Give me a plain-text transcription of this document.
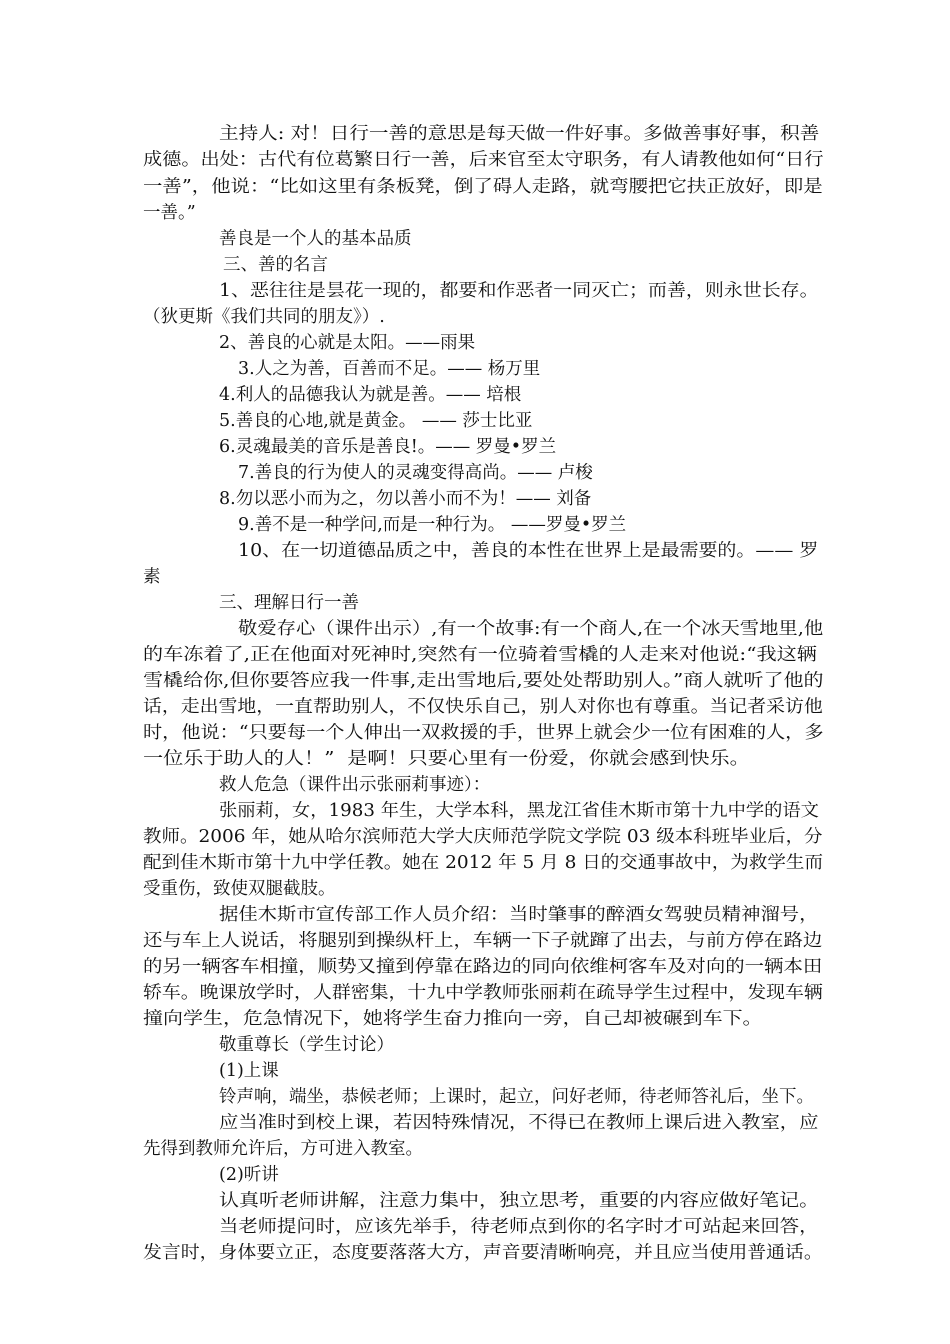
主持人: 对！日行一善的意思是每天做一件好事。多做善事好事，积善
成德。出处：古代有位葛繁日行一善，后来官至太守职务，有人请教他如何“日行
一善”，他说：“比如这里有条板凳，倒了碍人走路，就弯腰把它扶正放好，即是
一善。”
善良是一个人的基本品质
三、善的名言
1、恶往往是昙花一现的，都要和作恶者一同灭亡；而善，则永世长存。
（狄更斯《我们共同的朋友》）.
2、善良的心就是太阳。——雨果
3.人之为善，百善而不足。—— 杨万里
4.利人的品德我认为就是善。—— 培根
5.善良的心地,就是黄金。 —— 莎士比亚
6.灵魂最美的音乐是善良!。—— 罗曼•罗兰
7.善良的行为使人的灵魂变得高尚。—— 卢梭
8.勿以恶小而为之，勿以善小而不为！—— 刘备
9.善不是一种学问,而是一种行为。 ——罗曼•罗兰
10、在一切道德品质之中，善良的本性在世界上是最需要的。—— 罗
素
三、理解日行一善
敬爱存心（课件出示）,有一个故事:有一个商人,在一个冰天雪地里,他
的车冻着了,正在他面对死神时,突然有一位骑着雪橇的人走来对他说:“我这辆
雪橇给你,但你要答应我一件事,走出雪地后,要处处帮助别人。”商人就听了他的
话，走出雪地，一直帮助别人，不仅快乐自己，别人对你也有尊重。当记者采访他
时，他说：“只要每一个人伸出一双救援的手，世界上就会少一位有困难的人，多
一位乐于助人的人！”  是啊！只要心里有一份爱，你就会感到快乐。
救人危急（课件出示张丽莉事迹）：
张丽莉，女，1983 年生，大学本科，黑龙江省佳木斯市第十九中学的语文
教师。2006 年，她从哈尔滨师范大学大庆师范学院文学院 03 级本科班毕业后，分
配到佳木斯市第十九中学任教。她在 2012 年 5 月 8 日的交通事故中，为救学生而
受重伤，致使双腿截肢。
据佳木斯市宣传部工作人员介绍：当时肇事的醉酒女驾驶员精神溜号，
还与车上人说话，将腿别到操纵杆上，车辆一下子就蹿了出去，与前方停在路边
的另一辆客车相撞，顺势又撞到停靠在路边的同向依维柯客车及对向的一辆本田
轿车。晚课放学时，人群密集，十九中学教师张丽莉在疏导学生过程中，发现车辆
撞向学生，危急情况下，她将学生奋力推向一旁，自己却被碾到车下。
敬重尊长（学生讨论）
(1)上课
铃声响，端坐，恭候老师；上课时，起立，问好老师，待老师答礼后，坐下。
应当准时到校上课，若因特殊情况，不得已在教师上课后进入教室，应
先得到教师允许后，方可进入教室。
(2)听讲
认真听老师讲解，注意力集中，独立思考，重要的内容应做好笔记。
当老师提问时，应该先举手，待老师点到你的名字时才可站起来回答，
发言时，身体要立正，态度要落落大方，声音要清晰响亮，并且应当使用普通话。
